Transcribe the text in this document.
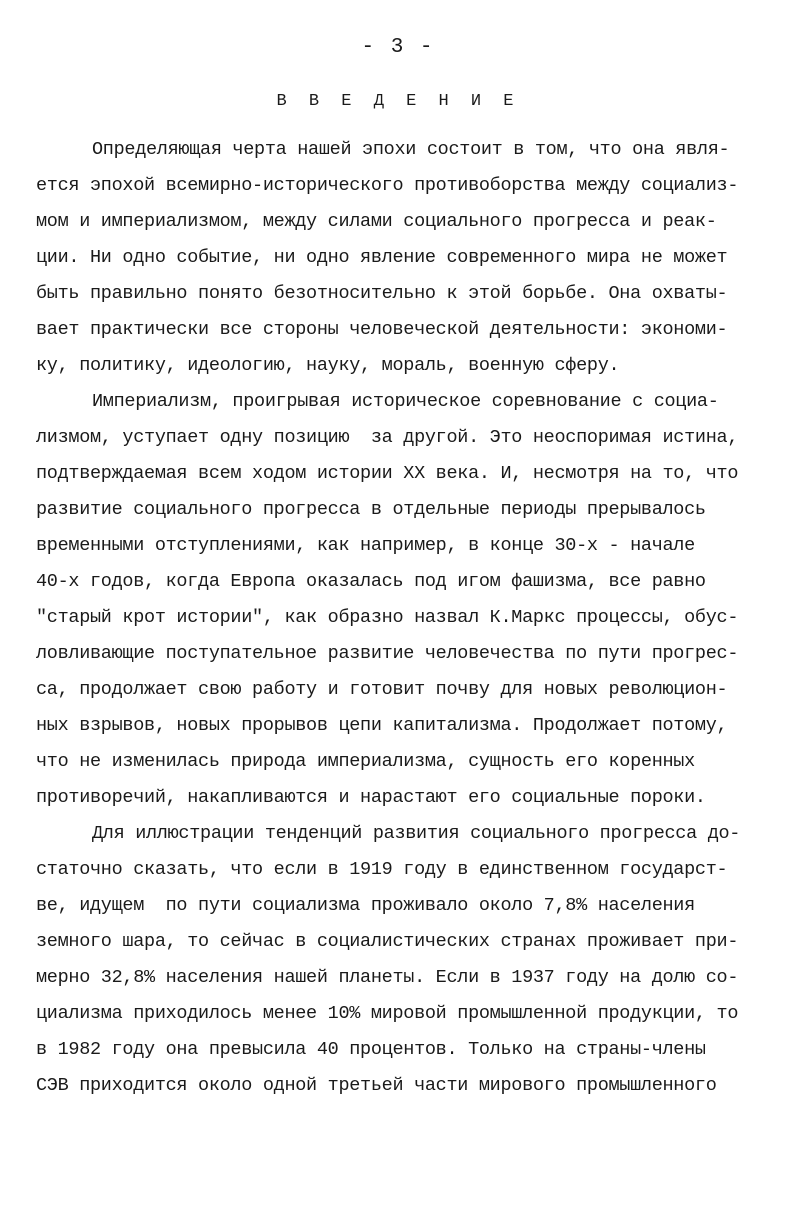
- 3 -
В В Е Д Е Н И Е
Определяющая черта нашей эпохи состоит в том, что она явля-
ется эпохой всемирно-исторического противоборства между социализ-
мом и империализмом, между силами социального прогресса и реак-
ции. Ни одно событие, ни одно явление современного мира не может
быть правильно понято безотносительно к этой борьбе. Она охваты-
вает практически все стороны человеческой деятельности: экономи-
ку, политику, идеологию, науку, мораль, военную сферу.
Империализм, проигрывая историческое соревнование с социа-
лизмом, уступает одну позицию  за другой. Это неоспоримая истина,
подтверждаемая всем ходом истории XX века. И, несмотря на то, что
развитие социального прогресса в отдельные периоды прерывалось
временными отступлениями, как например, в конце 30-х - начале
40-х годов, когда Европа оказалась под игом фашизма, все равно
"старый крот истории", как образно назвал К.Маркс процессы, обус-
ловливающие поступательное развитие человечества по пути прогрес-
са, продолжает свою работу и готовит почву для новых революцион-
ных взрывов, новых прорывов цепи капитализма. Продолжает потому,
что не изменилась природа империализма, сущность его коренных
противоречий, накапливаются и нарастают его социальные пороки.
Для иллюстрации тенденций развития социального прогресса до-
статочно сказать, что если в 1919 году в единственном государст-
ве, идущем  по пути социализма проживало около 7,8% населения
земного шара, то сейчас в социалистических странах проживает при-
мерно 32,8% населения нашей планеты. Если в 1937 году на долю со-
циализма приходилось менее 10% мировой промышленной продукции, то
в 1982 году она превысила 40 процентов. Только на страны-члены
СЭВ приходится около одной третьей части мирового промышленного
